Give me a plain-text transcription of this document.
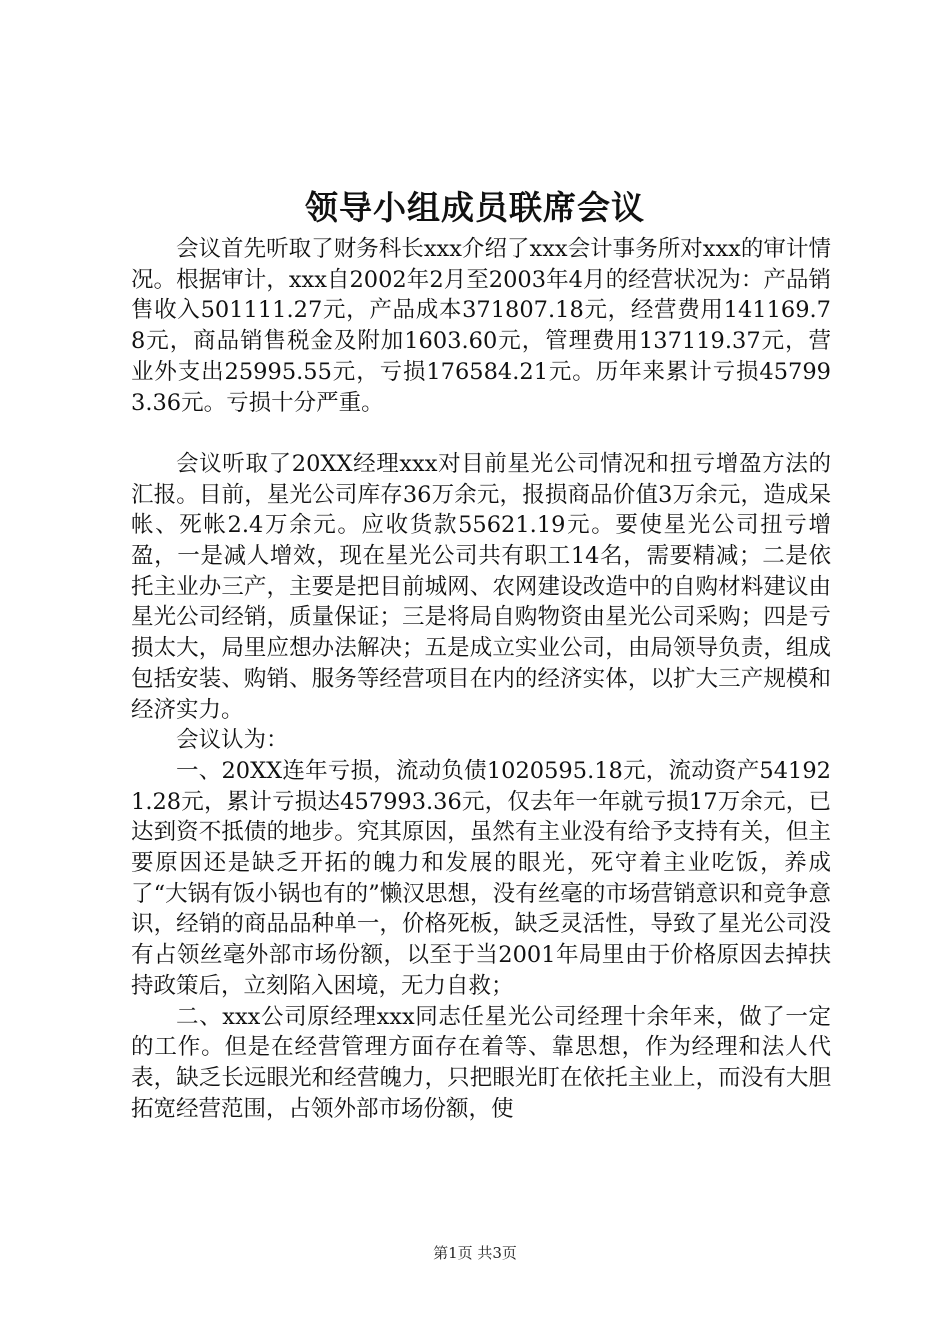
领导小组成员联席会议

会议首先听取了财务科长xxx介绍了xxx会计事务所对xxx的审计情况。根据审计，xxx自2002年2月至2003年4月的经营状况为：产品销售收入501111.27元，产品成本371807.18元，经营费用141169.78元，商品销售税金及附加1603.60元，管理费用137119.37元，营业外支出25995.55元，亏损176584.21元。历年来累计亏损457993.36元。亏损十分严重。

会议听取了20XX经理xxx对目前星光公司情况和扭亏增盈方法的汇报。目前，星光公司库存36万余元，报损商品价值3万余元，造成呆帐、死帐2.4万余元。应收货款55621.19元。要使星光公司扭亏增盈，一是减人增效，现在星光公司共有职工14名，需要精减；二是依托主业办三产，主要是把目前城网、农网建设改造中的自购材料建议由星光公司经销，质量保证；三是将局自购物资由星光公司采购；四是亏损太大，局里应想办法解决；五是成立实业公司，由局领导负责，组成包括安装、购销、服务等经营项目在内的经济实体，以扩大三产规模和经济实力。

会议认为：

一、20XX连年亏损，流动负债1020595.18元，流动资产541921.28元，累计亏损达457993.36元，仅去年一年就亏损17万余元，已达到资不抵债的地步。究其原因，虽然有主业没有给予支持有关，但主要原因还是缺乏开拓的魄力和发展的眼光，死守着主业吃饭，养成了“大锅有饭小锅也有的”懒汉思想，没有丝毫的市场营销意识和竞争意识，经销的商品品种单一，价格死板，缺乏灵活性，导致了星光公司没有占领丝毫外部市场份额，以至于当2001年局里由于价格原因去掉扶持政策后，立刻陷入困境，无力自救；

二、xxx公司原经理xxx同志任星光公司经理十余年来，做了一定的工作。但是在经营管理方面存在着等、靠思想，作为经理和法人代表，缺乏长远眼光和经营魄力，只把眼光盯在依托主业上，而没有大胆拓宽经营范围，占领外部市场份额，使

第1页 共3页
